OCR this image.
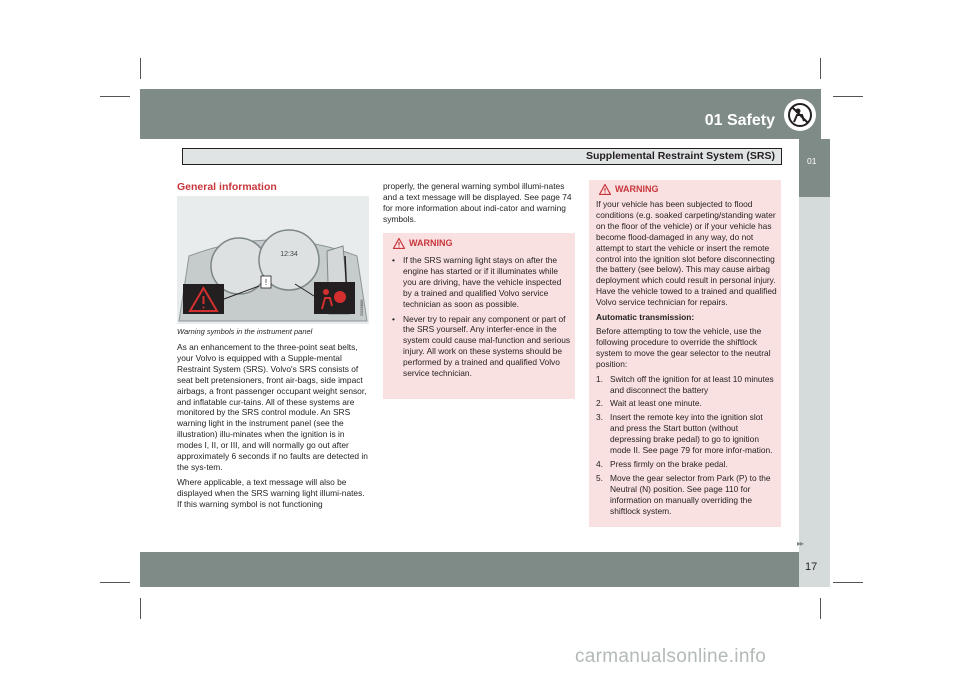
01 Safety
01
Supplemental Restraint System (SRS)
General information
12:34
!
G026806
Warning symbols in the instrument panel

As an enhancement to the three-point seat belts, your Volvo is equipped with a Supple-mental Restraint System (SRS). Volvo's SRS consists of seat belt pretensioners, front air-bags, side impact airbags, a front passenger occupant weight sensor, and inflatable cur-tains. All of these systems are monitored by the SRS control module. An SRS warning light in the instrument panel (see the illustration) illu-minates when the ignition is in modes I, II, or III, and will normally go out after approximately 6 seconds if no faults are detected in the sys-tem.

Where applicable, a text message will also be displayed when the SRS warning light illumi-nates. If this warning symbol is not functioning

properly, the general warning symbol illumi-nates and a text message will be displayed. See page 74 for more information about indi-cator and warning symbols.

WARNING
• If the SRS warning light stays on after the engine has started or if it illuminates while you are driving, have the vehicle inspected by a trained and qualified Volvo service technician as soon as possible.
• Never try to repair any component or part of the SRS yourself. Any interfer-ence in the system could cause mal-function and serious injury. All work on these systems should be performed by a trained and qualified Volvo service technician.
WARNING

If your vehicle has been subjected to flood conditions (e.g. soaked carpeting/standing water on the floor of the vehicle) or if your vehicle has become flood-damaged in any way, do not attempt to start the vehicle or insert the remote control into the ignition slot before disconnecting the battery (see below). This may cause airbag deployment which could result in personal injury. Have the vehicle towed to a trained and qualified Volvo service technician for repairs.

Automatic transmission:

Before attempting to tow the vehicle, use the following procedure to override the shiftlock system to move the gear selector to the neutral position:

1. Switch off the ignition for at least 10 minutes and disconnect the battery
2. Wait at least one minute.
3. Insert the remote key into the ignition slot and press the Start button (without depressing brake pedal) to go to ignition mode II. See page 79 for more infor-mation.
4. Press firmly on the brake pedal.
5. Move the gear selector from Park (P) to the Neutral (N) position. See page 110 for information on manually overriding the shiftlock system.
▸▸
17
carmanualsonline.info
